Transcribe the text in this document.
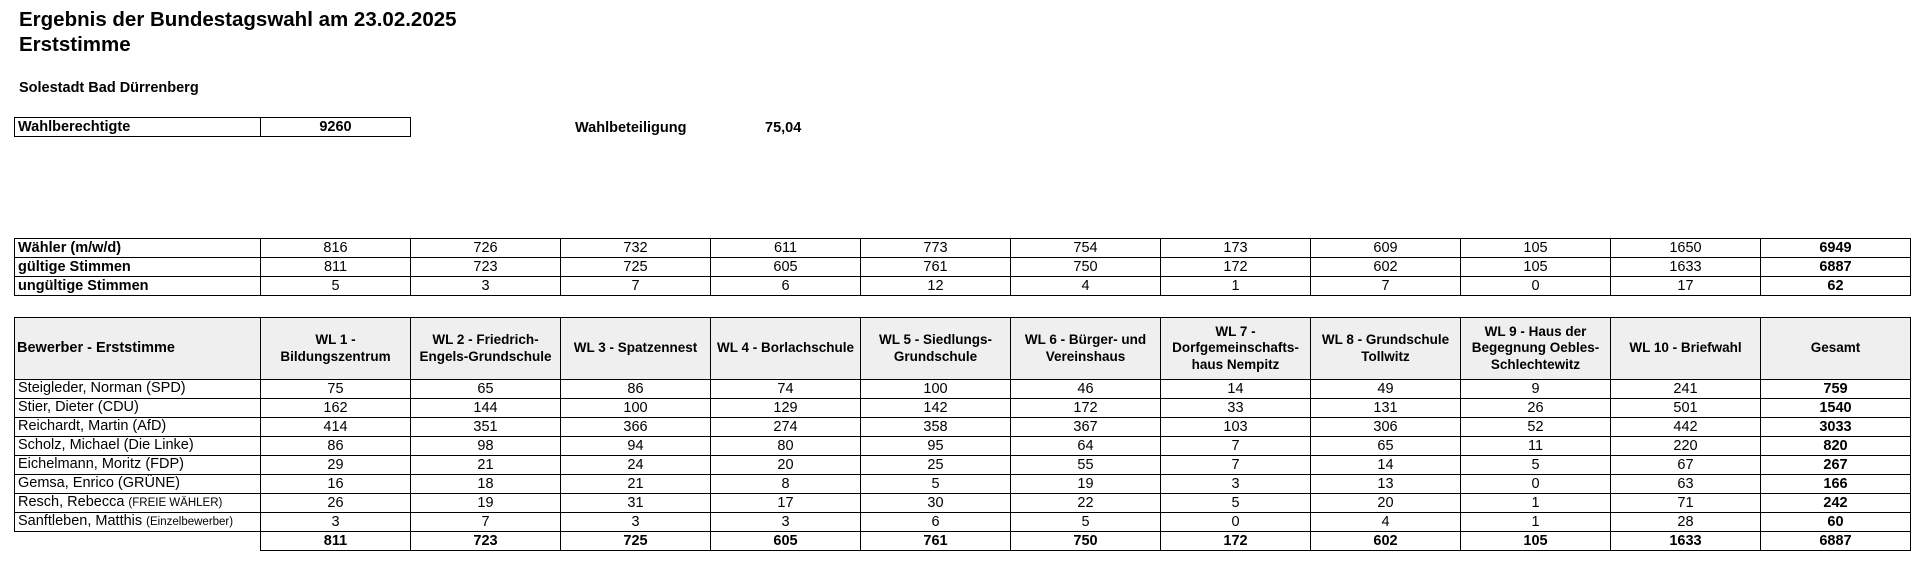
Ergebnis der Bundestagswahl am 23.02.2025
Erststimme
Solestadt Bad Dürrenberg
Wahlberechtigte	9260	Wahlbeteiligung	75,04
Wähler (m/w/d)	816	726	732	611	773	754	173	609	105	1650	6949
gültige Stimmen	811	723	725	605	761	750	172	602	105	1633	6887
ungültige Stimmen	5	3	7	6	12	4	1	7	0	17	62
Bewerber - Erststimme	WL 1 - Bildungszentrum	WL 2 - Friedrich-Engels-Grundschule	WL 3 - Spatzennest	WL 4 - Borlachschule	WL 5 - Siedlungs-Grundschule	WL 6 - Bürger- und Vereinshaus	WL 7 - Dorfgemeinschafts-haus Nempitz	WL 8 - Grundschule Tollwitz	WL 9 - Haus der Begegnung Oebles-Schlechtewitz	WL 10 - Briefwahl	Gesamt
Steigleder, Norman (SPD)	75	65	86	74	100	46	14	49	9	241	759
Stier, Dieter (CDU)	162	144	100	129	142	172	33	131	26	501	1540
Reichardt, Martin (AfD)	414	351	366	274	358	367	103	306	52	442	3033
Scholz, Michael (Die Linke)	86	98	94	80	95	64	7	65	11	220	820
Eichelmann, Moritz (FDP)	29	21	24	20	25	55	7	14	5	67	267
Gemsa, Enrico (GRÜNE)	16	18	21	8	5	19	3	13	0	63	166
Resch, Rebecca (FREIE WÄHLER)	26	19	31	17	30	22	5	20	1	71	242
Sanftleben, Matthis (Einzelbewerber)	3	7	3	3	6	5	0	4	1	28	60
	811	723	725	605	761	750	172	602	105	1633	6887
